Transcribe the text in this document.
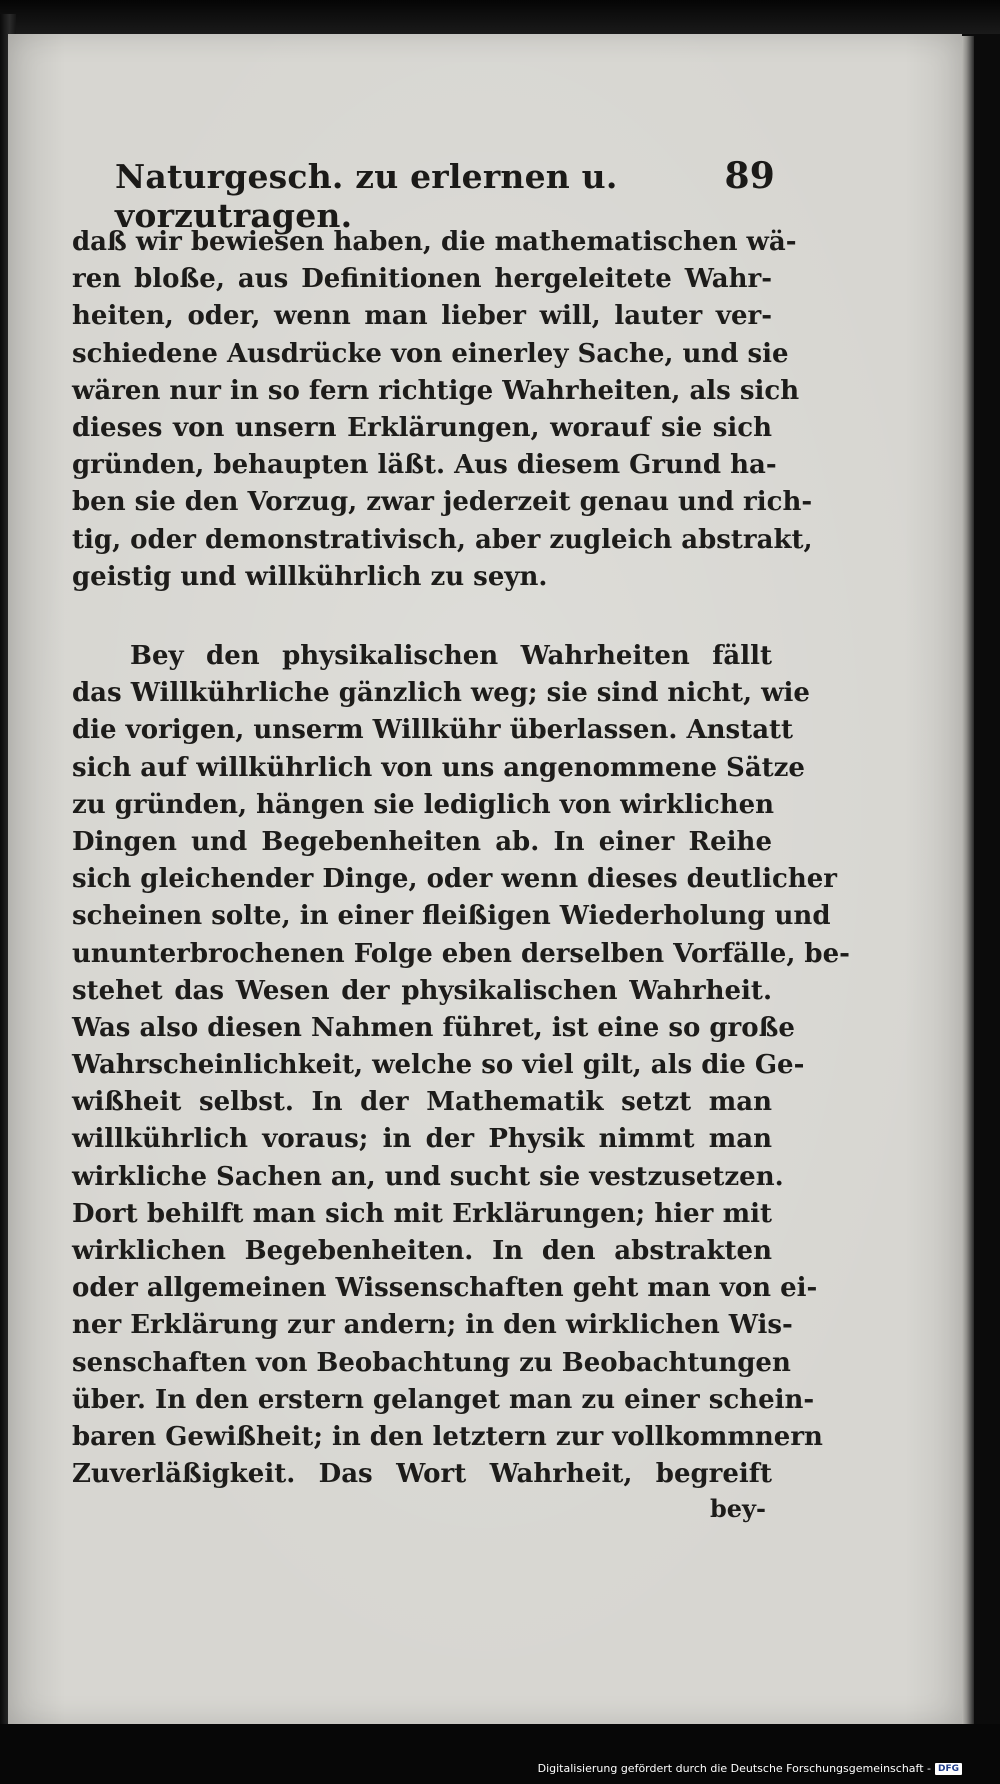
Naturgesch. zu erlernen u. vorzutragen.
89
daß wir bewiesen haben, die mathematischen wä-
ren bloße, aus Definitionen hergeleitete Wahr-
heiten, oder, wenn man lieber will, lauter ver-
schiedene Ausdrücke von einerley Sache, und sie
wären nur in so fern richtige Wahrheiten, als sich
dieses von unsern Erklärungen, worauf sie sich
gründen, behaupten läßt. Aus diesem Grund ha-
ben sie den Vorzug, zwar jederzeit genau und rich-
tig, oder demonstrativisch, aber zugleich abstrakt,
geistig und willkührlich zu seyn.
Bey den physikalischen Wahrheiten fällt
das Willkührliche gänzlich weg; sie sind nicht, wie
die vorigen, unserm Willkühr überlassen. Anstatt
sich auf willkührlich von uns angenommene Sätze
zu gründen, hängen sie lediglich von wirklichen
Dingen und Begebenheiten ab. In einer Reihe
sich gleichender Dinge, oder wenn dieses deutlicher
scheinen solte, in einer fleißigen Wiederholung und
ununterbrochenen Folge eben derselben Vorfälle, be-
stehet das Wesen der physikalischen Wahrheit.
Was also diesen Nahmen führet, ist eine so große
Wahrscheinlichkeit, welche so viel gilt, als die Ge-
wißheit selbst. In der Mathematik setzt man
willkührlich voraus; in der Physik nimmt man
wirkliche Sachen an, und sucht sie vestzusetzen.
Dort behilft man sich mit Erklärungen; hier mit
wirklichen Begebenheiten. In den abstrakten
oder allgemeinen Wissenschaften geht man von ei-
ner Erklärung zur andern; in den wirklichen Wis-
senschaften von Beobachtung zu Beobachtungen
über. In den erstern gelanget man zu einer schein-
baren Gewißheit; in den letztern zur vollkommnern
Zuverläßigkeit. Das Wort Wahrheit, begreift
bey-
Digitalisierung gefördert durch die Deutsche Forschungsgemeinschaft - DFG
